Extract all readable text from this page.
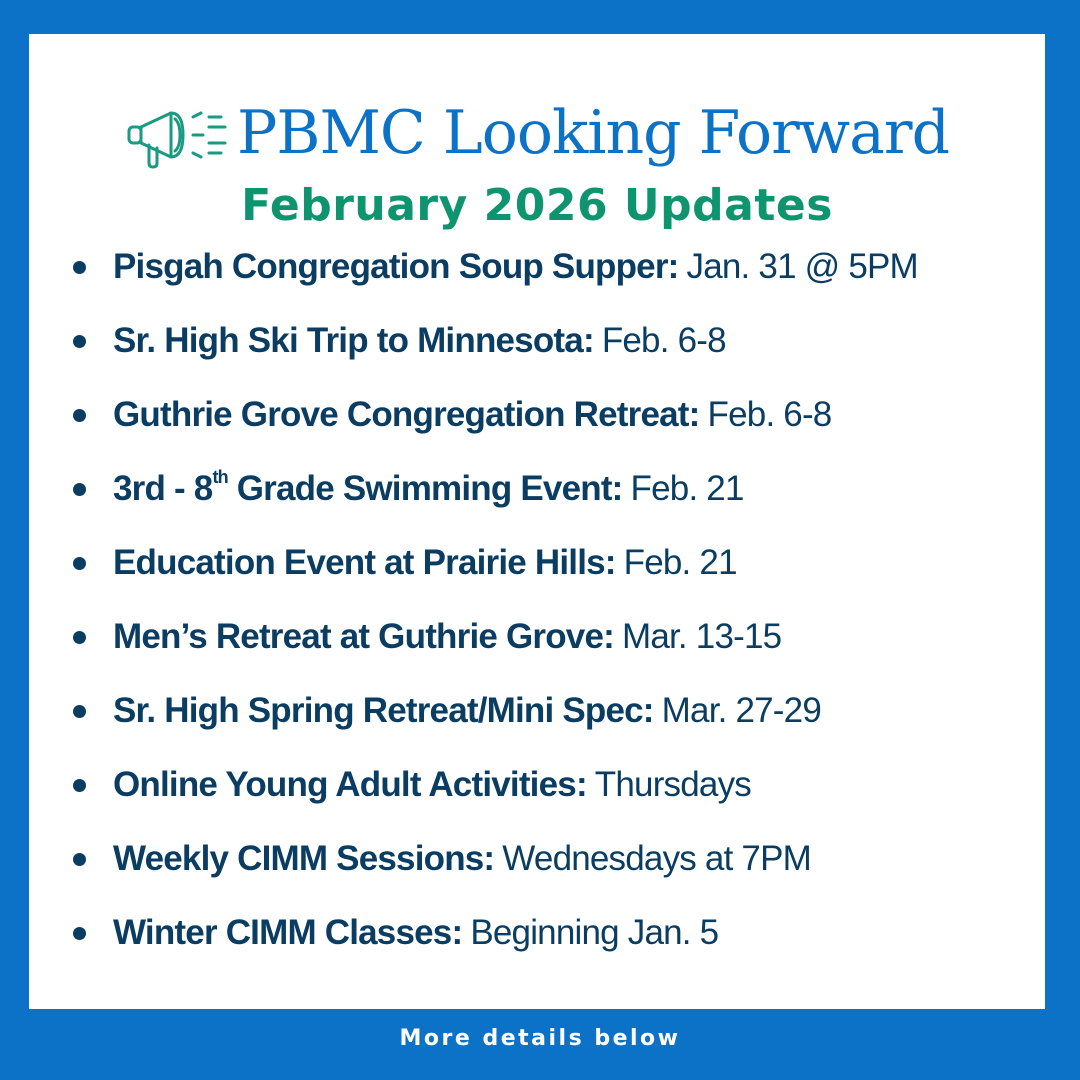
PBMC Looking Forward
February 2026 Updates
Pisgah Congregation Soup Supper: Jan. 31 @ 5PM
Sr. High Ski Trip to Minnesota: Feb. 6-8
Guthrie Grove Congregation Retreat: Feb. 6-8
3rd - 8th Grade Swimming Event: Feb. 21
Education Event at Prairie Hills: Feb. 21
Men’s Retreat at Guthrie Grove: Mar. 13-15
Sr. High Spring Retreat/Mini Spec: Mar. 27-29
Online Young Adult Activities: Thursdays
Weekly CIMM Sessions: Wednesdays at 7PM
Winter CIMM Classes: Beginning Jan. 5
More details below
